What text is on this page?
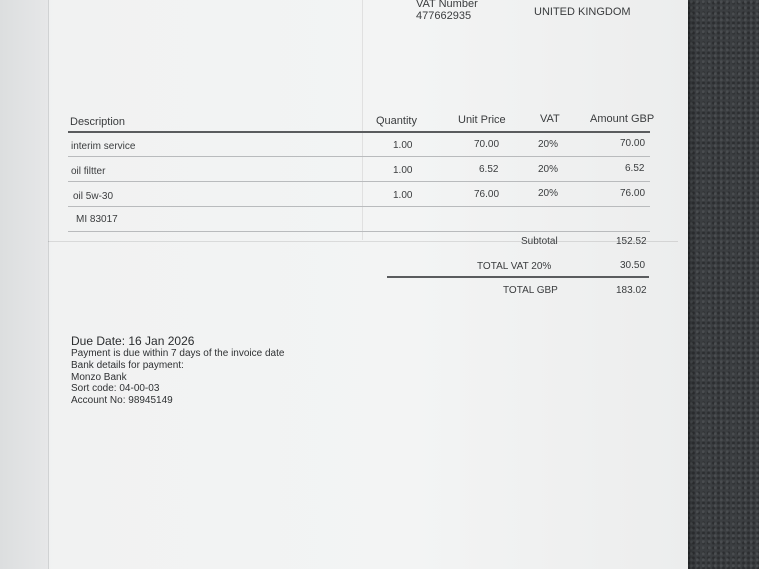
VAT Number
477662935	UNITED KINGDOM
Description	Quantity	Unit Price	VAT	Amount GBP
interim service	1.00	70.00	20%	70.00
oil filtter	1.00	6.52	20%	6.52
oil 5w-30	1.00	76.00	20%	76.00
MI 83017
Subtotal	152.52
TOTAL VAT 20%	30.50
TOTAL GBP	183.02
Due Date: 16 Jan 2026
Payment is due within 7 days of the invoice date
Bank details for payment:
Monzo Bank
Sort code: 04-00-03
Account No: 98945149
